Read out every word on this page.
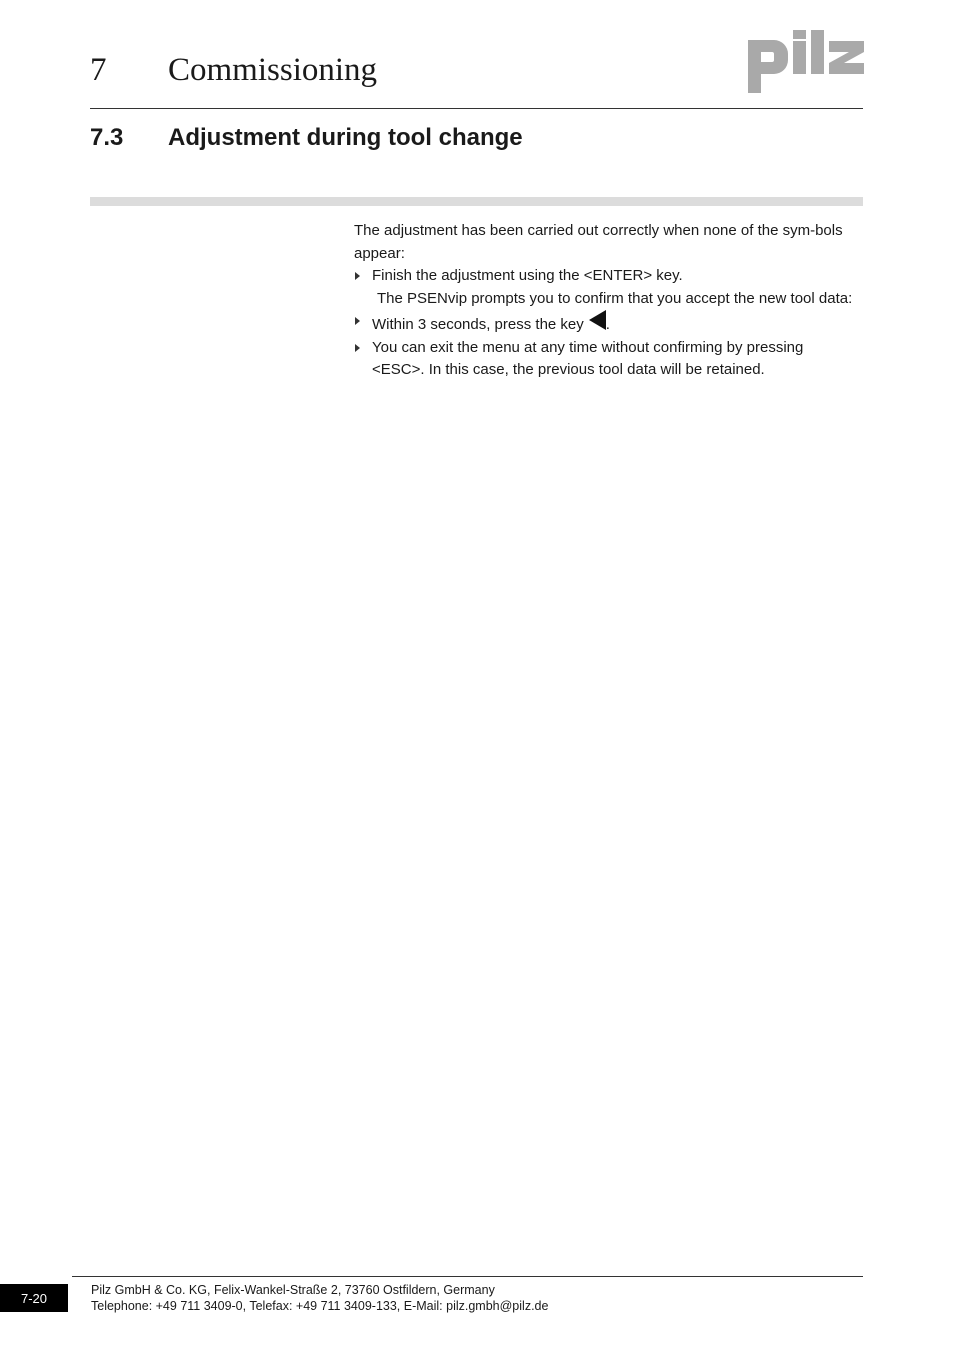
7 Commissioning
7.3 Adjustment during tool change

The adjustment has been carried out correctly when none of the sym-bols appear:

Finish the adjustment using the <ENTER> key.

The PSENvip prompts you to confirm that you accept the new tool data:

Within 3 seconds, press the key .
You can exit the menu at any time without confirming by pressing <ESC>. In this case, the previous tool data will be retained.
7-20
Pilz GmbH & Co. KG, Felix-Wankel-Straße 2, 73760 Ostfildern, Germany
Telephone: +49 711 3409-0, Telefax: +49 711 3409-133, E-Mail: pilz.gmbh@pilz.de
